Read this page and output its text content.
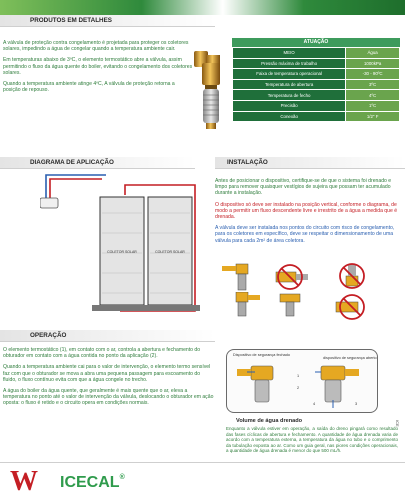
PRODUTOS EM DETALHES

A válvula de proteção contra congelamento é projetada para proteger os coletores solares, impedindo a água de congelar quando a temperatura ambiente cair.

Em temperaturas abaixo de 3ºC, o elemento termostático abre a válvula, assim permitindo o fluxo da água quente do boiler, evitando o congelamento dos coletores solares.

Quando a temperatura ambiente atinge 4ºC, A válvula de proteção retorna a posição de repouso.

ATUAÇÃO
MEIO	Água
Pressão máxima de trabalho	1000kPa
Faixa de temperatura operacional	-30 - 90ºC
Temperatura de abertura	3ºC
Temperatura de fecho	4ºC
Precisão	1ºC
Conexão	1/2" F
DIAGRAMA DE APLICAÇÃO	INSTALAÇÃO
COLETOR SOLAR	COLETOR SOLAR

Antes de posicionar o dispositivo, certifique-se de que o sistema foi drenado e limpo para remover quaisquer vestígios de sujeira que possam ter acumulado durante a instalação.

O dispositivo só deve ser instalado na posição vertical, conforme o diagrama, de modo a permitir um fluxo descendente livre e irrestrito de a água a medida que é drenada.

A válvula deve ser instalada nos pontos do circuito com risco de congelamento, para os coletores em específico, deve se respeitar o dimensionamento de uma válvula para cada 2m² de área coletora.

OPERAÇÃO

O elemento termostático (1), em contato com o ar, controla a abertura e fechamento do obturador em contato com a água contida no ponto da aplicação (2).

Quando a temperatura ambiente cai para o valor de intervenção, o elemento termo sensível faz com que o obturador se mova a abra uma pequena passagem para escoamento do fluido, o fluxo contínuo evita com que a água congele no trecho.

A água do boiler da água quente, que geralmente é mais quente que o ar, eleva a temperatura no ponto até o valor de intervenção da válvula, deslocando o obturador em ação oposta: o fluxo é retido e o circuito opera em condições normais.

Dispositivo de segurança fechado
dispositivo de segurança aberto
1
2
3
4
Volume de água drenado
Enquanto a válvula estiver em operação, a saída do dreno pingará como resultado das fases cíclicas de abertura e fechamento. A quantidade de água drenada varia de acordo com a temperatura externa, a temperatura da água no tubo e o comprimento da tubulação exposta ao ar. Como um guia geral, nas piores condições operacionais, a quantidade de água drenada é menor do que 500 mL/h.
W ICECAL®
ICE
